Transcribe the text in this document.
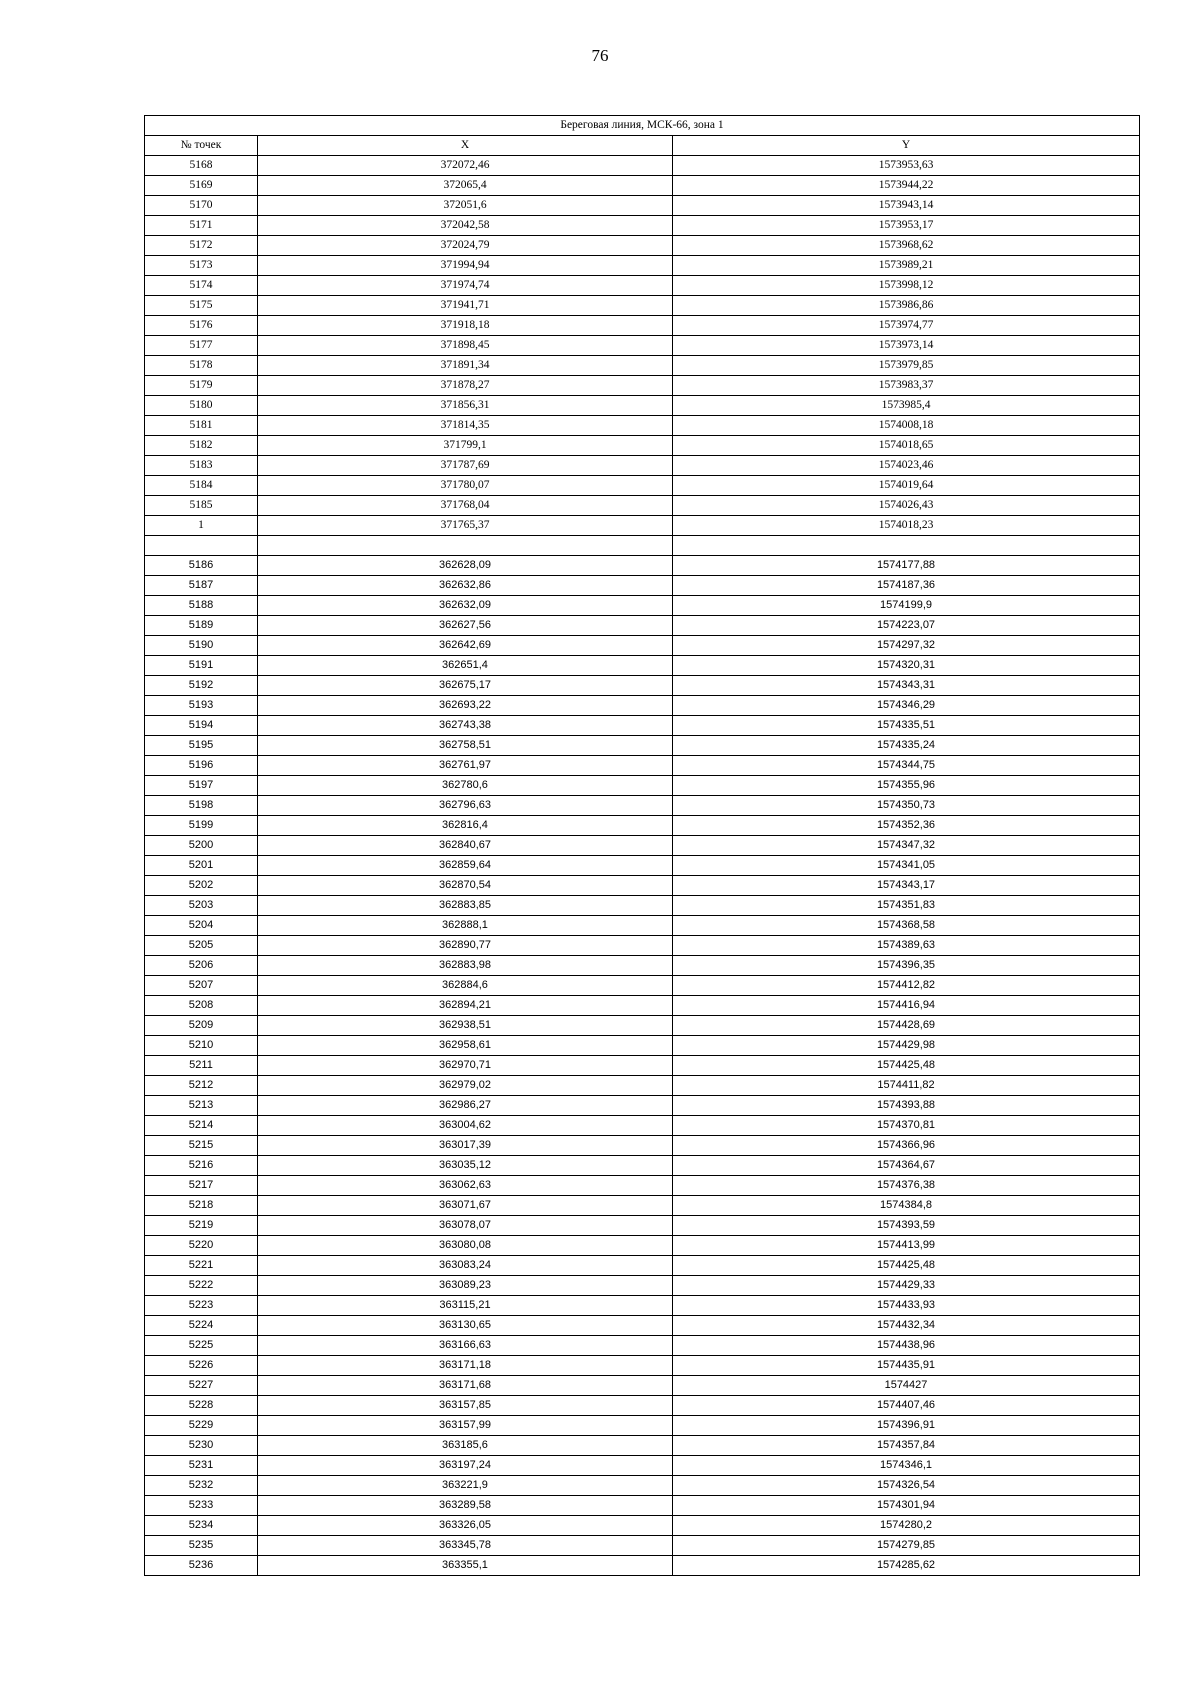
76
Береговая линия, МСК-66, зона 1		
№ точек	X	Y
5168	372072,46	1573953,63
5169	372065,4	1573944,22
5170	372051,6	1573943,14
5171	372042,58	1573953,17
5172	372024,79	1573968,62
5173	371994,94	1573989,21
5174	371974,74	1573998,12
5175	371941,71	1573986,86
5176	371918,18	1573974,77
5177	371898,45	1573973,14
5178	371891,34	1573979,85
5179	371878,27	1573983,37
5180	371856,31	1573985,4
5181	371814,35	1574008,18
5182	371799,1	1574018,65
5183	371787,69	1574023,46
5184	371780,07	1574019,64
5185	371768,04	1574026,43
1	371765,37	1574018,23

5186	362628,09	1574177,88
5187	362632,86	1574187,36
5188	362632,09	1574199,9
5189	362627,56	1574223,07
5190	362642,69	1574297,32
5191	362651,4	1574320,31
5192	362675,17	1574343,31
5193	362693,22	1574346,29
5194	362743,38	1574335,51
5195	362758,51	1574335,24
5196	362761,97	1574344,75
5197	362780,6	1574355,96
5198	362796,63	1574350,73
5199	362816,4	1574352,36
5200	362840,67	1574347,32
5201	362859,64	1574341,05
5202	362870,54	1574343,17
5203	362883,85	1574351,83
5204	362888,1	1574368,58
5205	362890,77	1574389,63
5206	362883,98	1574396,35
5207	362884,6	1574412,82
5208	362894,21	1574416,94
5209	362938,51	1574428,69
5210	362958,61	1574429,98
5211	362970,71	1574425,48
5212	362979,02	1574411,82
5213	362986,27	1574393,88
5214	363004,62	1574370,81
5215	363017,39	1574366,96
5216	363035,12	1574364,67
5217	363062,63	1574376,38
5218	363071,67	1574384,8
5219	363078,07	1574393,59
5220	363080,08	1574413,99
5221	363083,24	1574425,48
5222	363089,23	1574429,33
5223	363115,21	1574433,93
5224	363130,65	1574432,34
5225	363166,63	1574438,96
5226	363171,18	1574435,91
5227	363171,68	1574427
5228	363157,85	1574407,46
5229	363157,99	1574396,91
5230	363185,6	1574357,84
5231	363197,24	1574346,1
5232	363221,9	1574326,54
5233	363289,58	1574301,94
5234	363326,05	1574280,2
5235	363345,78	1574279,85
5236	363355,1	1574285,62
